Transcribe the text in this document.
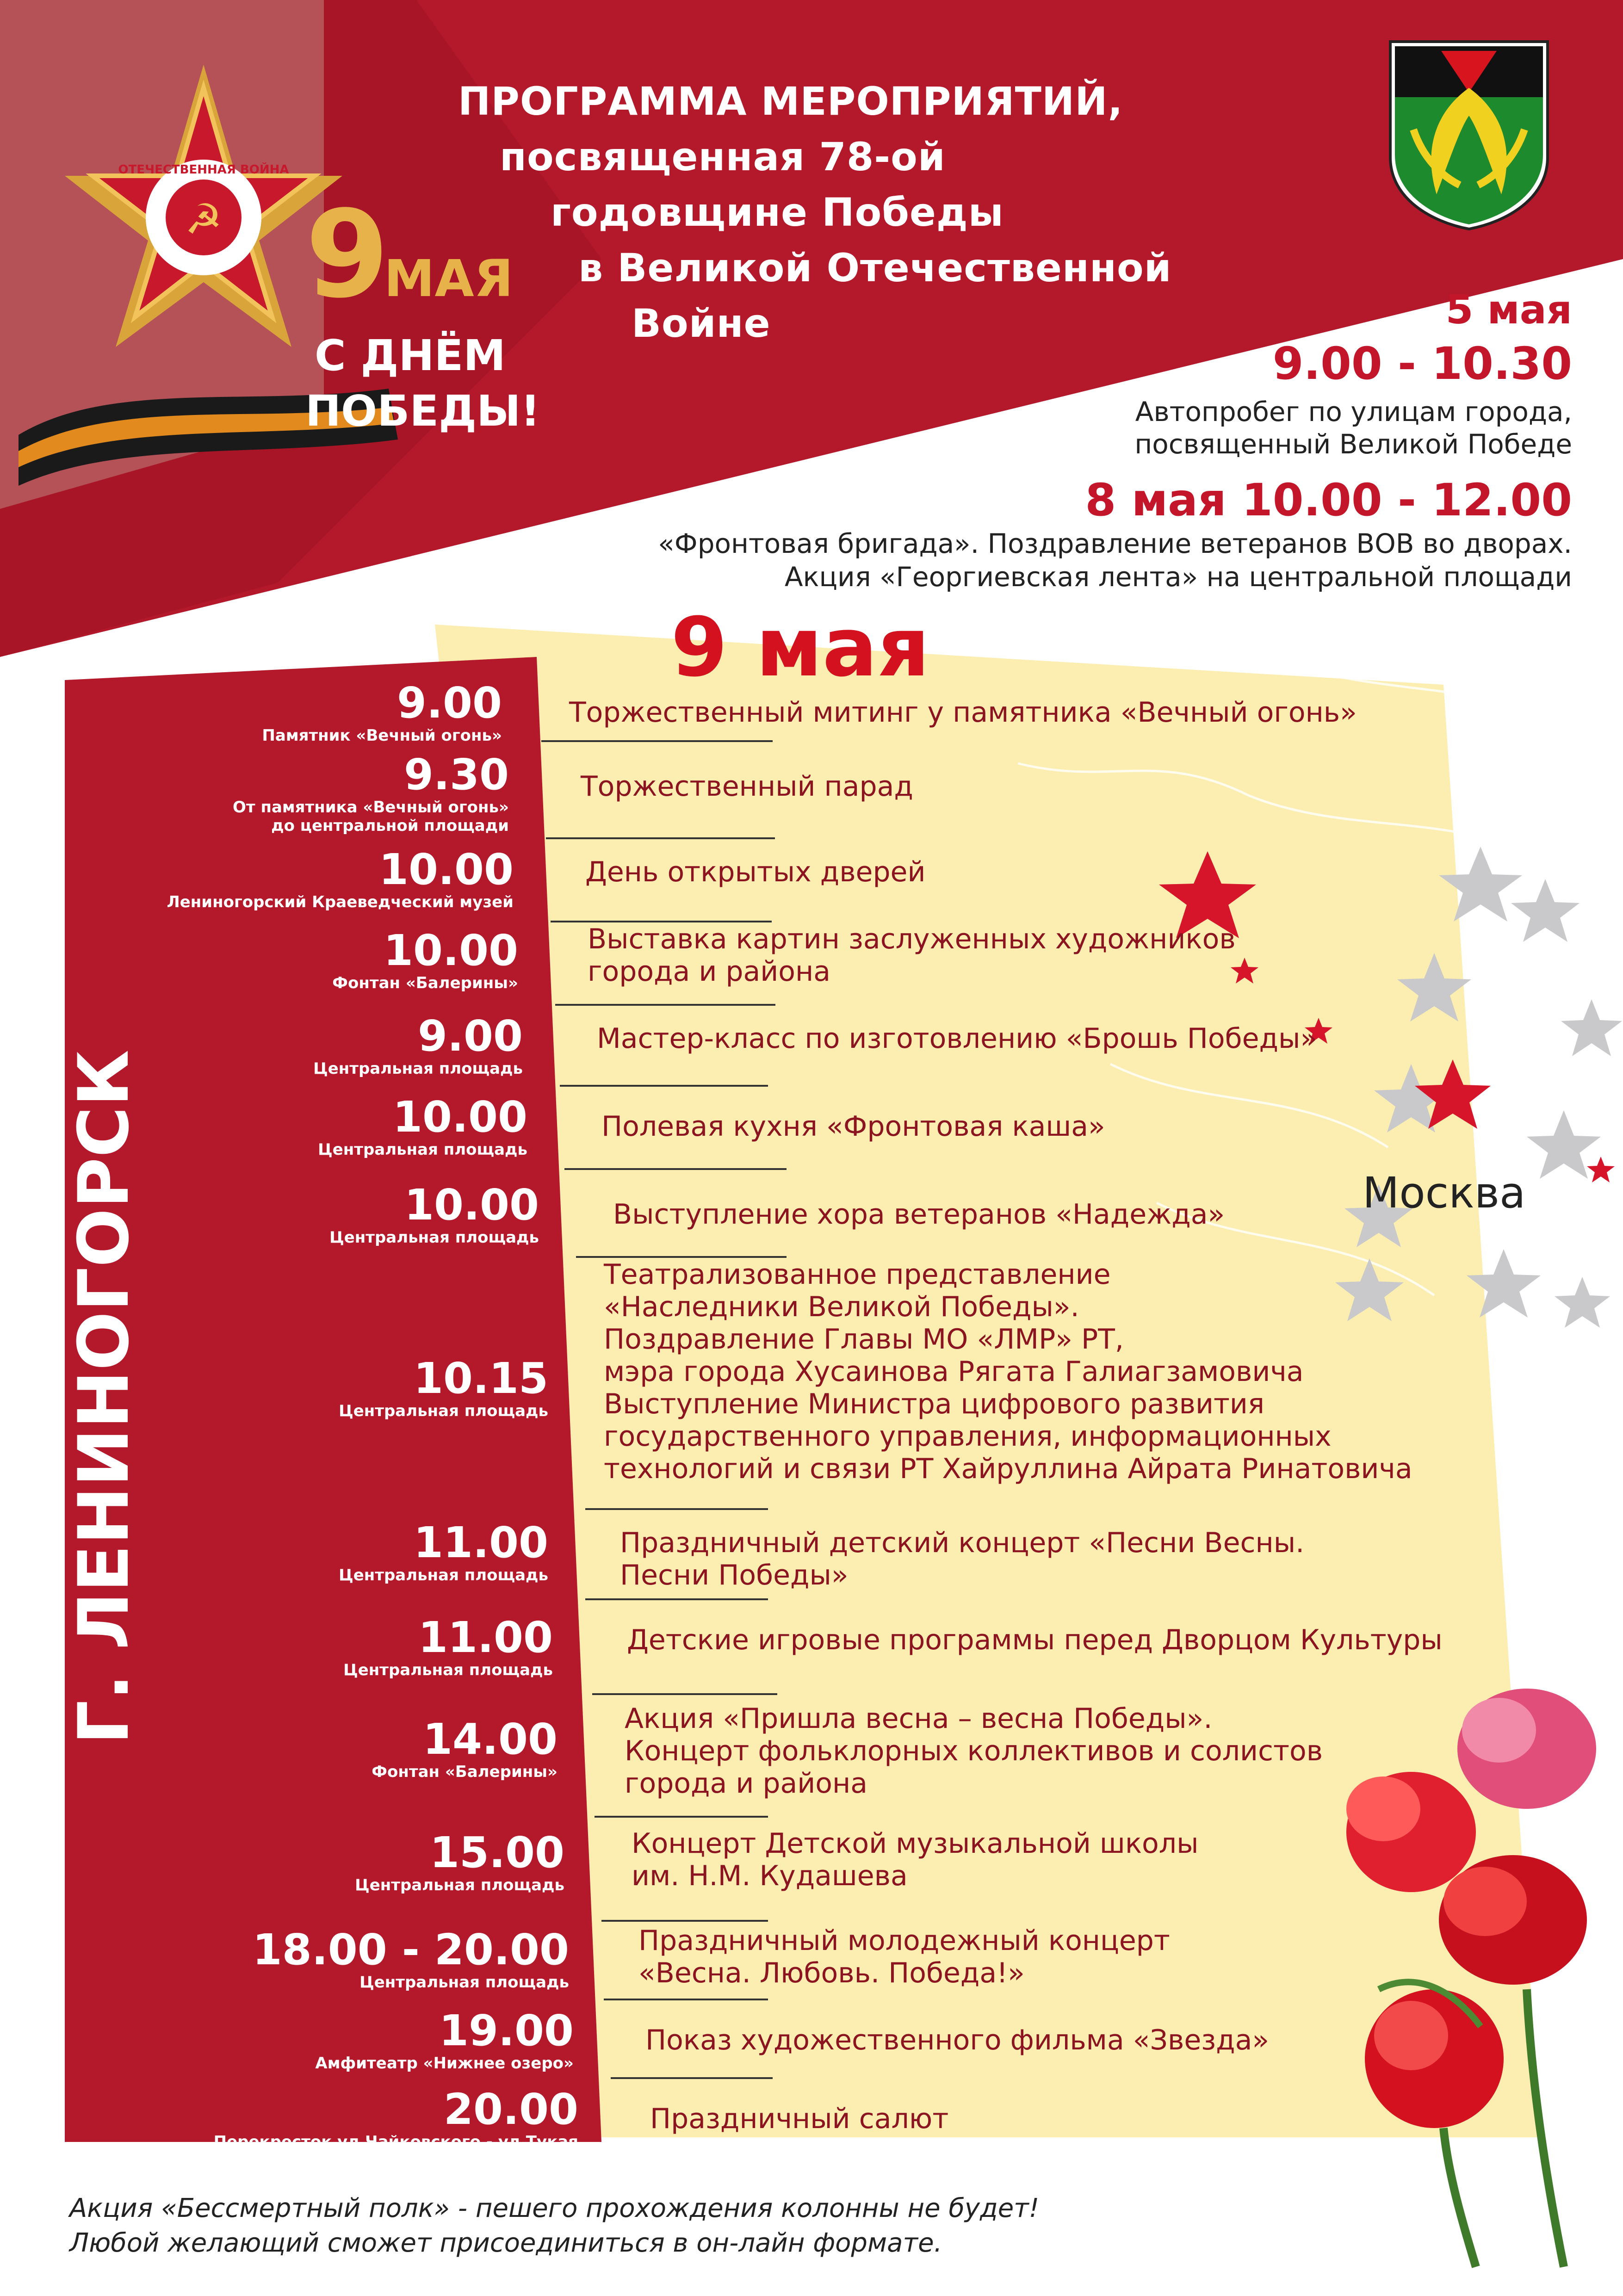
ОТЕЧЕСТВЕННАЯ ВОЙНА
☭ 9
МАЯ
С ДНЁМ
ПОБЕДЫ!
ПРОГРАММА МЕРОПРИЯТИЙ,
посвященная 78-ой
годовщине Победы
в Великой Отечественной
Войне	5 мая
9.00 - 10.30
Автопробег по улицам города,
посвященный Великой Победе
8 мая 10.00 - 12.00
«Фронтовая бригада». Поздравление ветеранов ВОВ во дворах.
Акция «Георгиевская лента» на центральной площади
9 мая
Г. ЛЕНИНОГОРСК	Москва
9.00
Памятник «Вечный огонь»
Торжественный митинг у памятника «Вечный огонь»
9.30
От памятника «Вечный огонь»
до центральной площади
Торжественный парад
10.00
Лениногорский Краеведческий музей
День открытых дверей
10.00
Фонтан «Балерины»
Выставка картин заслуженных художников
города и района
9.00
Центральная площадь
Мастер-класс по изготовлению «Брошь Победы»
10.00
Центральная площадь
Полевая кухня «Фронтовая каша»
10.00
Центральная площадь
Выступление хора ветеранов «Надежда»
10.15
Центральная площадь
Театрализованное представление
«Наследники Великой Победы».
Поздравление Главы МО «ЛМР» РТ,
мэра города Хусаинова Рягата Галиагзамовича
Выступление Министра цифрового развития
государственного управления, информационных
технологий и связи РТ Хайруллина Айрата Ринатовича
11.00
Центральная площадь
Праздничный детский концерт «Песни Весны.
Песни Победы»
11.00
Центральная площадь
Детские игровые программы перед Дворцом Культуры
14.00
Фонтан «Балерины»
Акция «Пришла весна – весна Победы».
Концерт фольклорных коллективов и солистов
города и района
15.00
Центральная площадь
Концерт Детской музыкальной школы
им. Н.М. Кудашева
18.00 - 20.00
Центральная площадь
Праздничный молодежный концерт
«Весна. Любовь. Победа!»
19.00
Амфитеатр «Нижнее озеро»
Показ художественного фильма «Звезда»
20.00
Перекресток ул.Чайковского - ул.Тукая
Праздничный салют
Акция «Бессмертный полк» - пешего прохождения колонны не будет!
Любой желающий сможет присоединиться в он-лайн формате.
